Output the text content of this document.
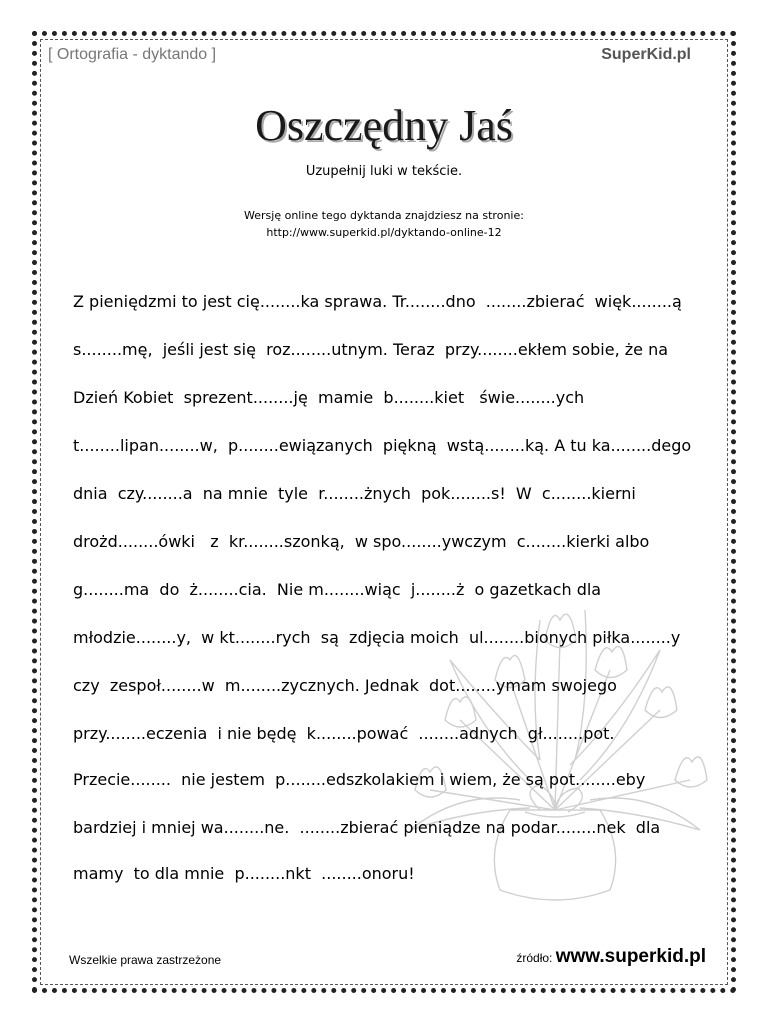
[ Ortografia - dyktando ]	SuperKid.pl
Oszczędny Jaś
Uzupełnij luki w tekście.
Wersję online tego dyktanda znajdziesz na stronie:
http://www.superkid.pl/dyktando-online-12
Z pieniędzmi to jest cię........ka sprawa. Tr........dno  ........zbierać  więk........ą
s........mę,  jeśli jest się  roz........utnym. Teraz  przy........ekłem sobie, że na
Dzień Kobiet  sprezent........ję  mamie  b........kiet   świe........ych
t........lipan........w,  p........ewiązanych  piękną  wstą........ką. A tu ka........dego
dnia  czy........a  na mnie  tyle  r........żnych  pok........s!  W  c........kierni
drożd........ówki   z  kr........szonką,  w spo........ywczym  c........kierki albo
g........ma  do  ż........cia.  Nie m........wiąc  j........ż  o gazetkach dla
młodzie........y,  w kt........rych  są  zdjęcia moich  ul........bionych piłka........y
czy  zespoł........w  m........zycznych. Jednak  dot........ymam swojego
przy........eczenia  i nie będę  k........pować  ........adnych  gł........pot.
Przecie........  nie jestem  p........edszkolakiem i wiem, że są pot........eby
bardziej i mniej wa........ne.  ........zbierać pieniądze na podar........nek  dla
mamy  to dla mnie  p........nkt  ........onoru!
Wszelkie prawa zastrzeżone	źródło: www.superkid.pl
